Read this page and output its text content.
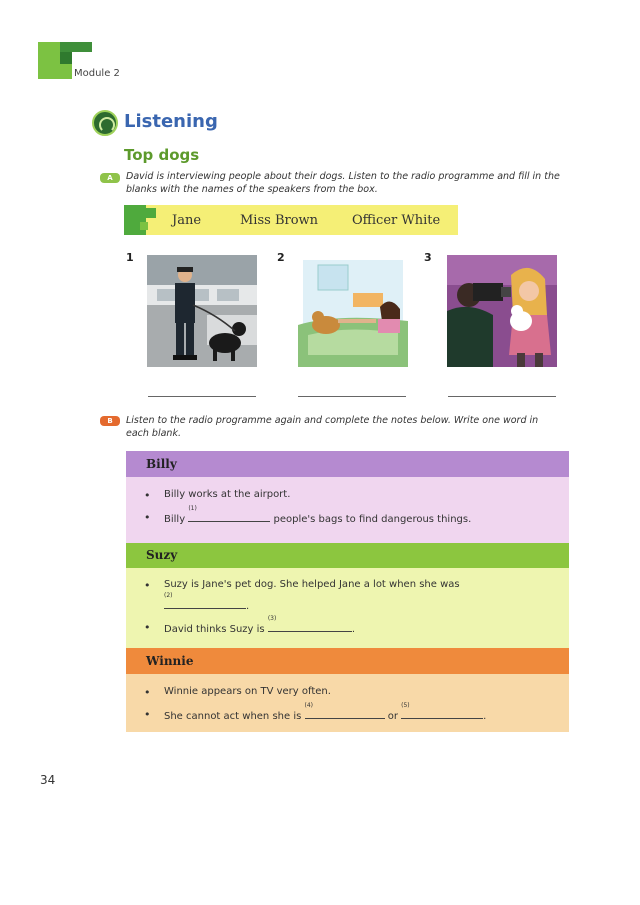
Module 2
Listening
Top dogs
A	David is interviewing people about their dogs. Listen to the radio programme and fill in the blanks with the names of the speakers from the box.
Jane	Miss Brown	Officer White
1	2	3
B	Listen to the radio programme again and complete the notes below. Write one word in each blank.
Billy
• Billy works at the airport.
• Billy
(1)
people's bags to find dangerous things.
Suzy
• Suzy is Jane's pet dog. She helped Jane a lot when she was
(2)
.
• David thinks Suzy is
(3)
.
Winnie
• Winnie appears on TV very often.
• She cannot act when she is
(4)
or
(5)
.
34
